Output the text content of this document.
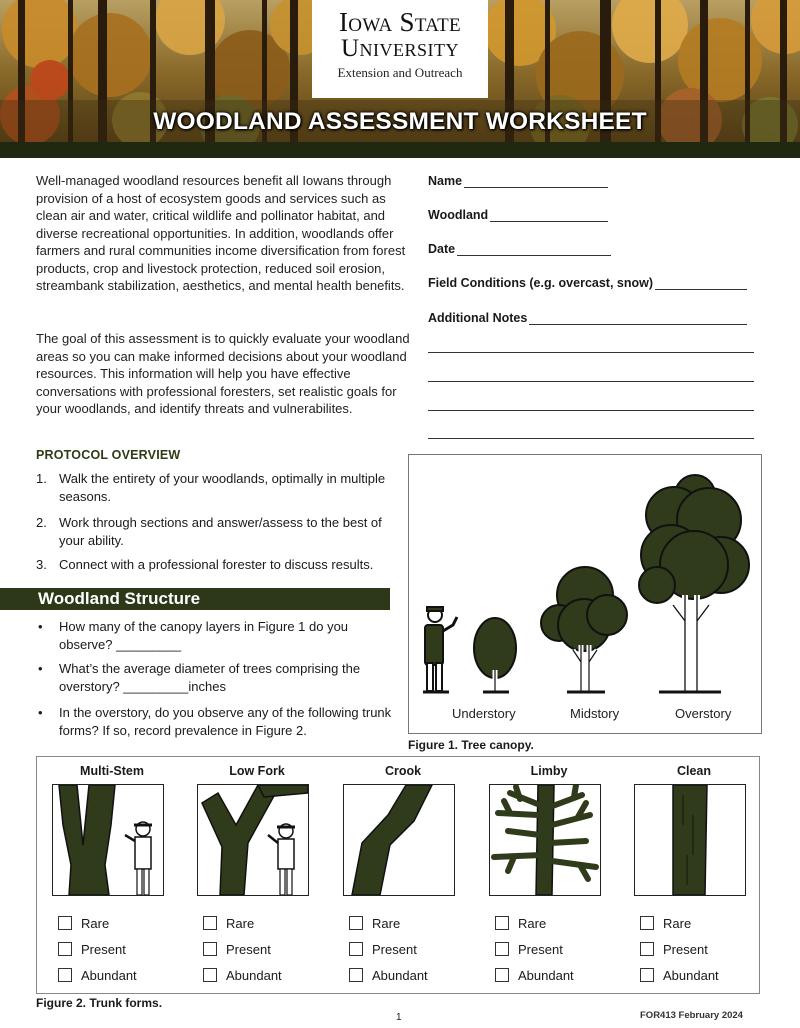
Iowa State
University
Extension and Outreach
WOODLAND ASSESSMENT WORKSHEET
Well-managed woodland resources benefit all Iowans through provision of a host of ecosystem goods and services such as clean air and water, critical wildlife and pollinator habitat, and diverse recreational opportunities. In addition, woodlands offer farmers and rural communities income diversification from forest products, crop and livestock protection, reduced soil erosion, streambank stabilization, aesthetics, and mental health benefits.
The goal of this assessment is to quickly evaluate your woodland areas so you can make informed decisions about your woodland resources. This information will help you have effective conversations with professional foresters, set realistic goals for your woodlands, and identify threats and vulnerabilites.
PROTOCOL OVERVIEW
1. Walk the entirety of your woodlands, optimally in multiple seasons.
2. Work through sections and answer/assess to the best of your ability.
3. Connect with a professional forester to discuss results.
Woodland Structure
•	How many of the canopy layers in Figure 1 do you observe? _________
•	What’s the average diameter of trees comprising the overstory? _________inches
•	In the overstory, do you observe any of the following trunk forms? If so, record prevalence in Figure 2.
Name
Woodland
Date
Field Conditions (e.g. overcast, snow)
Additional Notes
Understory	Midstory	Overstory
Figure 1. Tree canopy.
Multi-Stem
Rare
Present
Abundant
Low Fork
Rare
Present
Abundant
Crook
Rare
Present
Abundant
Limby
Rare
Present
Abundant
Clean
Rare
Present
Abundant
Figure 2. Trunk forms.
1	FOR413 February 2024
